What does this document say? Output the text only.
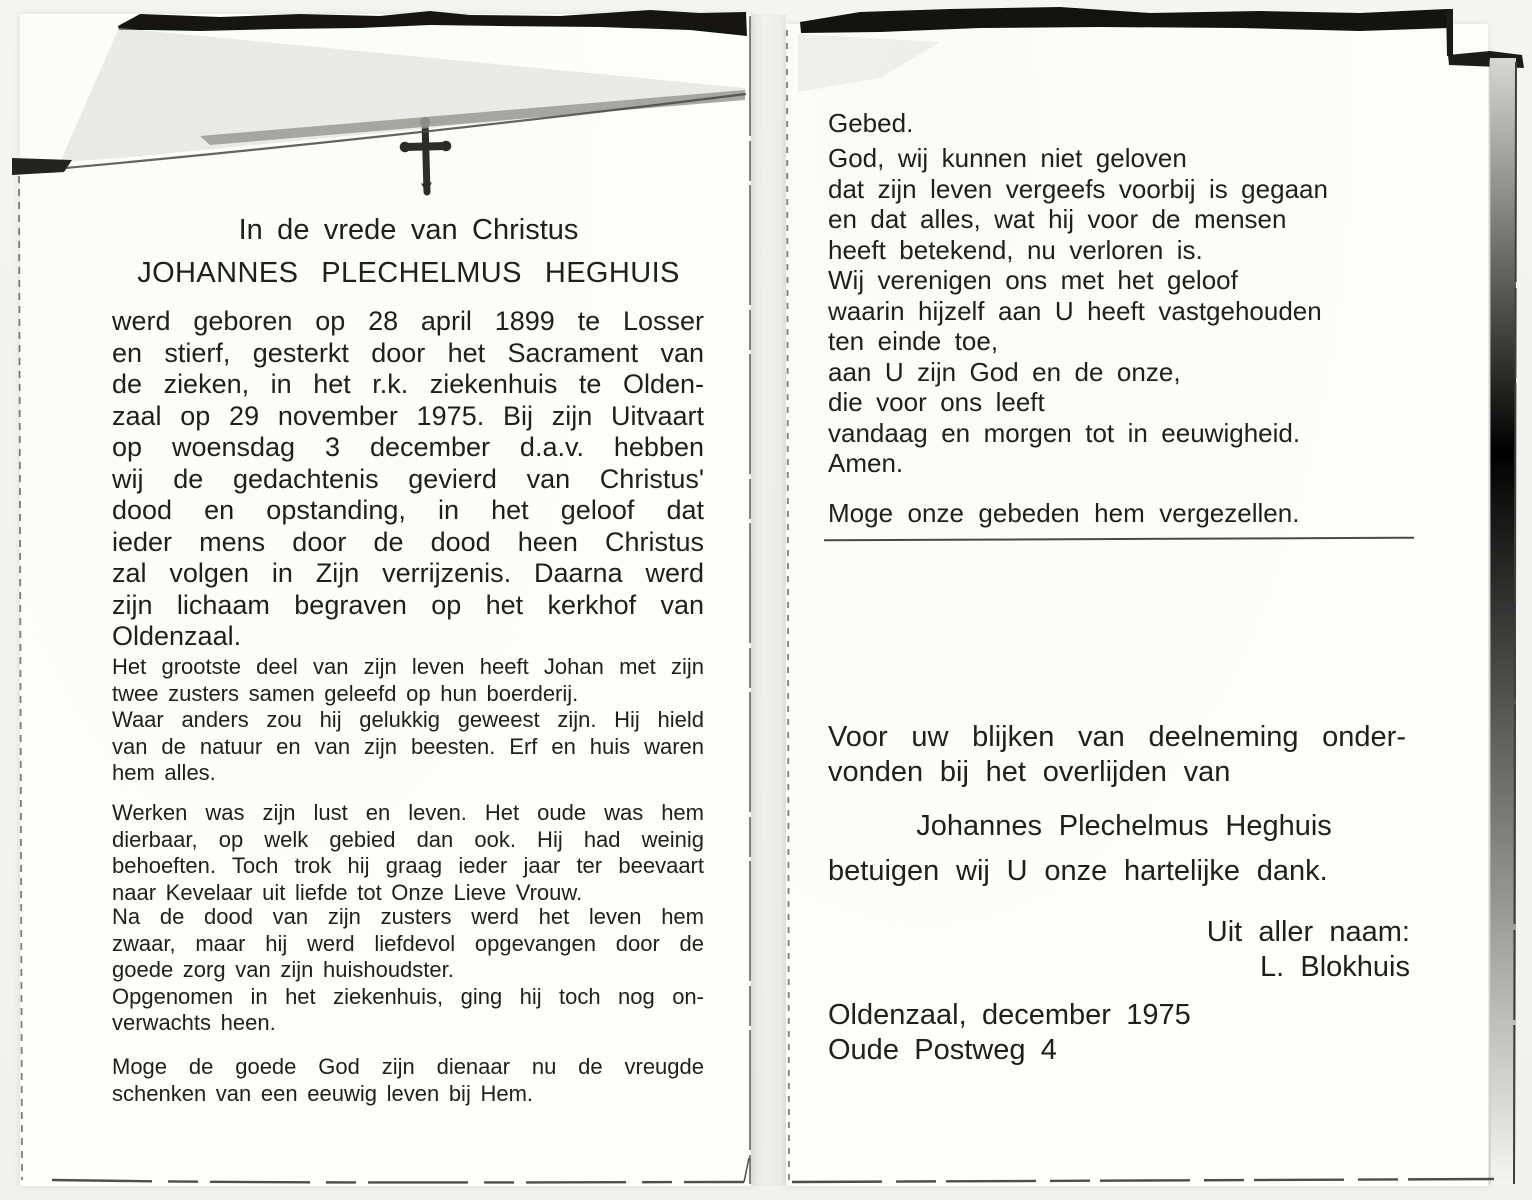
In de vrede van Christus
JOHANNES PLECHELMUS HEGHUIS
werd geboren op 28 april 1899 te Losser
en stierf, gesterkt door het Sacrament van
de zieken, in het r.k. ziekenhuis te Olden-
zaal op 29 november 1975. Bij zijn Uitvaart
op woensdag 3 december d.a.v. hebben
wij de gedachtenis gevierd van Christus'
dood en opstanding, in het geloof dat
ieder mens door de dood heen Christus
zal volgen in Zijn verrijzenis. Daarna werd
zijn lichaam begraven op het kerkhof van
Oldenzaal.
Het grootste deel van zijn leven heeft Johan met zijn
twee zusters samen geleefd op hun boerderij.
Waar anders zou hij gelukkig geweest zijn. Hij hield
van de natuur en van zijn beesten. Erf en huis waren
hem alles.
Werken was zijn lust en leven. Het oude was hem
dierbaar, op welk gebied dan ook. Hij had weinig
behoeften. Toch trok hij graag ieder jaar ter beevaart
naar Kevelaar uit liefde tot Onze Lieve Vrouw.
Na de dood van zijn zusters werd het leven hem
zwaar, maar hij werd liefdevol opgevangen door de
goede zorg van zijn huishoudster.
Opgenomen in het ziekenhuis, ging hij toch nog on-
verwachts heen.
Moge de goede God zijn dienaar nu de vreugde
schenken van een eeuwig leven bij Hem.
Gebed.
God, wij kunnen niet geloven
dat zijn leven vergeefs voorbij is gegaan
en dat alles, wat hij voor de mensen
heeft betekend, nu verloren is.
Wij verenigen ons met het geloof
waarin hijzelf aan U heeft vastgehouden
ten einde toe,
aan U zijn God en de onze,
die voor ons leeft
vandaag en morgen tot in eeuwigheid.
Amen.
Moge onze gebeden hem vergezellen.
Voor uw blijken van deelneming onder-
vonden bij het overlijden van
Johannes Plechelmus Heghuis
betuigen wij U onze hartelijke dank.
Uit aller naam:
L. Blokhuis
Oldenzaal, december 1975
Oude Postweg 4
